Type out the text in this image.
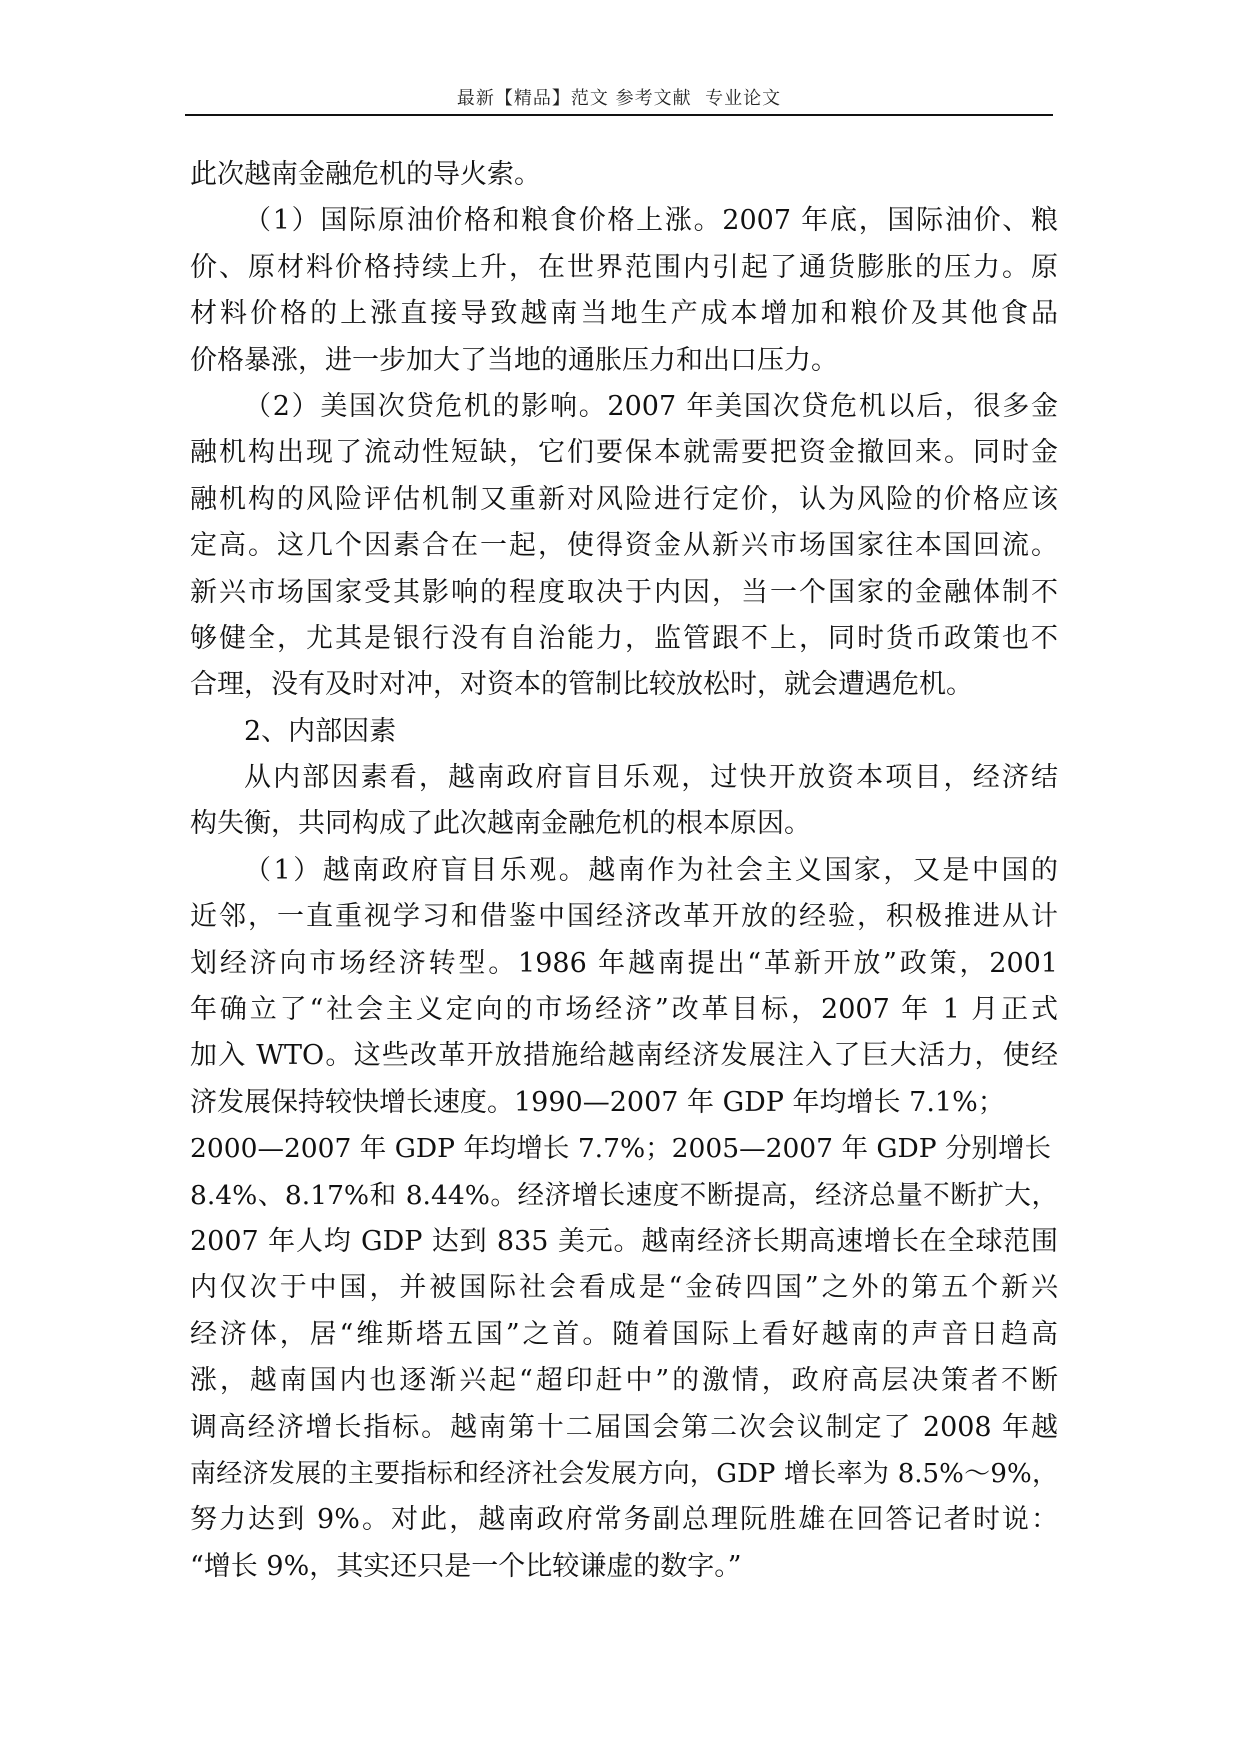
最新【精品】范文 参考文献  专业论文
此次越南金融危机的导火索。
（1）国际原油价格和粮食价格上涨。2007 年底，国际油价、粮
价、原材料价格持续上升，在世界范围内引起了通货膨胀的压力。原
材料价格的上涨直接导致越南当地生产成本增加和粮价及其他食品
价格暴涨，进一步加大了当地的通胀压力和出口压力。
（2）美国次贷危机的影响。2007 年美国次贷危机以后，很多金
融机构出现了流动性短缺，它们要保本就需要把资金撤回来。同时金
融机构的风险评估机制又重新对风险进行定价，认为风险的价格应该
定高。这几个因素合在一起，使得资金从新兴市场国家往本国回流。
新兴市场国家受其影响的程度取决于内因，当一个国家的金融体制不
够健全，尤其是银行没有自治能力，监管跟不上，同时货币政策也不
合理，没有及时对冲，对资本的管制比较放松时，就会遭遇危机。
2、内部因素
从内部因素看，越南政府盲目乐观，过快开放资本项目，经济结
构失衡，共同构成了此次越南金融危机的根本原因。
（1）越南政府盲目乐观。越南作为社会主义国家，又是中国的
近邻，一直重视学习和借鉴中国经济改革开放的经验，积极推进从计
划经济向市场经济转型。1986 年越南提出“革新开放”政策，2001
年确立了“社会主义定向的市场经济”改革目标，2007 年 1 月正式
加入 WTO。这些改革开放措施给越南经济发展注入了巨大活力，使经
济发展保持较快增长速度。1990—2007 年 GDP 年均增长 7.1%；
2000—2007 年 GDP 年均增长 7.7%；2005—2007 年 GDP 分别增长
8.4%、8.17%和 8.44%。经济增长速度不断提高，经济总量不断扩大，
2007 年人均 GDP 达到 835 美元。越南经济长期高速增长在全球范围
内仅次于中国，并被国际社会看成是“金砖四国”之外的第五个新兴
经济体，居“维斯塔五国”之首。随着国际上看好越南的声音日趋高
涨，越南国内也逐渐兴起“超印赶中”的激情，政府高层决策者不断
调高经济增长指标。越南第十二届国会第二次会议制定了 2008 年越
南经济发展的主要指标和经济社会发展方向，GDP 增长率为 8.5%～9%，
努力达到 9%。对此，越南政府常务副总理阮胜雄在回答记者时说：
“增长 9%，其实还只是一个比较谦虚的数字。”
